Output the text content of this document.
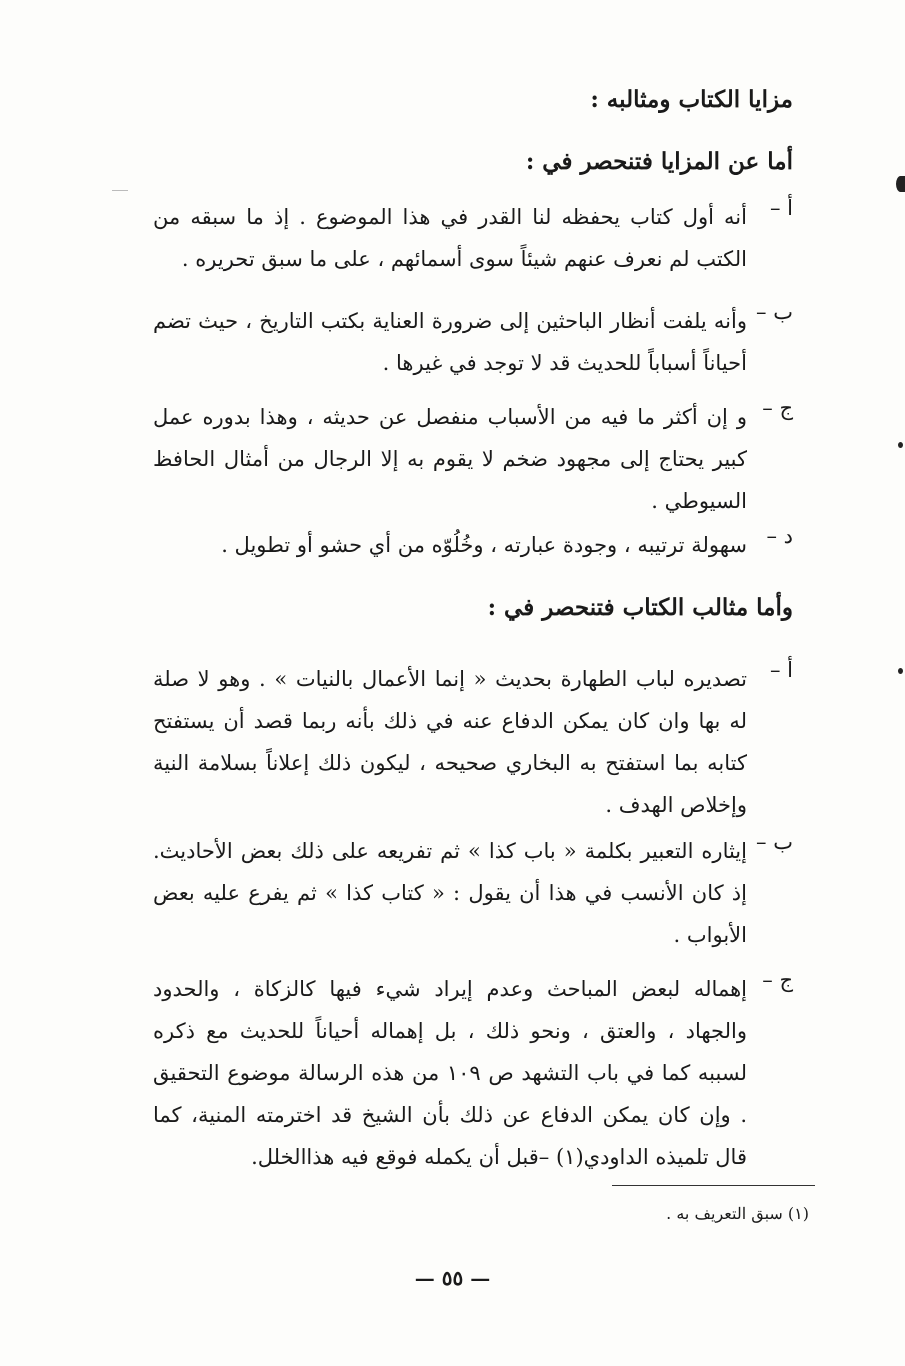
مزايا الكتاب ومثالبه :
أما عن المزايا فتنحصر في :
أ –
أنه أول كتاب يحفظه لنا القدر في هذا الموضوع . إذ ما سبقه من الكتب لم نعرف عنهم شيئاً سوى أسمائهم ، على ما سبق تحريره .
ب –
وأنه يلفت أنظار الباحثين إلى ضرورة العناية بكتب التاريخ ، حيث تضم أحياناً أسباباً للحديث قد لا توجد في غيرها .
ج –
و إن أكثر ما فيه من الأسباب منفصل عن حديثه ، وهذا بدوره عمل كبير يحتاج إلى مجهود ضخم لا يقوم به إلا الرجال من أمثال الحافظ السيوطي .
د –
سهولة ترتيبه ، وجودة عبارته ، وخُلُوّه من أي حشو أو تطويل .
وأما مثالب الكتاب فتنحصر في :
أ –
تصديره لباب الطهارة بحديث « إنما الأعمال بالنيات » . وهو لا صلة له بها وان كان يمكن الدفاع عنه في ذلك بأنه ربما قصد أن يستفتح كتابه بما استفتح به البخاري صحيحه ، ليكون ذلك إعلاناً بسلامة النية وإخلاص الهدف .
ب –
إيثاره التعبير بكلمة « باب كذا » ثم تفريعه على ذلك بعض الأحاديث. إذ كان الأنسب في هذا أن يقول : « كتاب كذا » ثم يفرع عليه بعض الأبواب .
ج –
إهماله لبعض المباحث وعدم إيراد شيء فيها كالزكاة ، والحدود والجهاد ، والعتق ، ونحو ذلك ، بل إهماله أحياناً للحديث مع ذكره لسببه كما في باب التشهد ص ١٠٩ من هذه الرسالة موضوع التحقيق . وإن كان يمكن الدفاع عن ذلك بأن الشيخ قد اخترمته المنية، كما قال تلميذه الداودي(١) –قبل أن يكمله فوقع فيه هذاالخلل.
(١) سبق التعريف به .
— ٥٥ —
